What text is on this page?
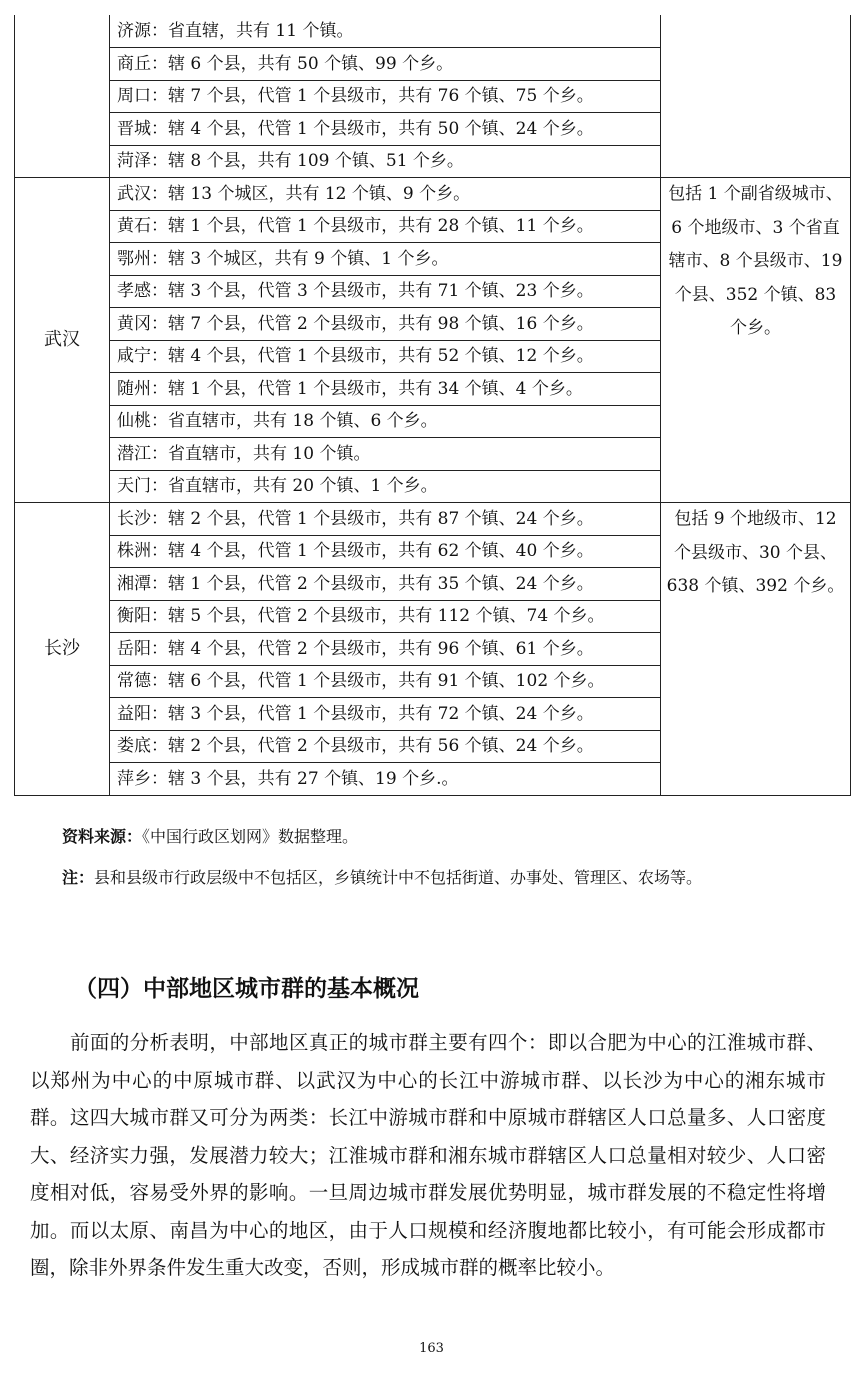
	济源：省直辖，共有 11 个镇。	
	商丘：辖 6 个县，共有 50 个镇、99 个乡。	
	周口：辖 7 个县，代管 1 个县级市，共有 76 个镇、75 个乡。	
	晋城：辖 4 个县，代管 1 个县级市，共有 50 个镇、24 个乡。	
	菏泽：辖 8 个县，共有 109 个镇、51 个乡。	
武汉	武汉：辖 13 个城区，共有 12 个镇、9 个乡。	包括 1 个副省级城市、6 个地级市、3 个省直辖市、8 个县级市、19 个县、352 个镇、83 个乡。
	黄石：辖 1 个县，代管 1 个县级市，共有 28 个镇、11 个乡。	
	鄂州：辖 3 个城区，共有 9 个镇、1 个乡。	
	孝感：辖 3 个县，代管 3 个县级市，共有 71 个镇、23 个乡。	
	黄冈：辖 7 个县，代管 2 个县级市，共有 98 个镇、16 个乡。	
	咸宁：辖 4 个县，代管 1 个县级市，共有 52 个镇、12 个乡。	
	随州：辖 1 个县，代管 1 个县级市，共有 34 个镇、4 个乡。	
	仙桃：省直辖市，共有 18 个镇、6 个乡。	
	潜江：省直辖市，共有 10 个镇。	
	天门：省直辖市，共有 20 个镇、1 个乡。	
长沙	长沙：辖 2 个县，代管 1 个县级市，共有 87 个镇、24 个乡。	包括 9 个地级市、12 个县级市、30 个县、638 个镇、392 个乡。
	株洲：辖 4 个县，代管 1 个县级市，共有 62 个镇、40 个乡。	
	湘潭：辖 1 个县，代管 2 个县级市，共有 35 个镇、24 个乡。	
	衡阳：辖 5 个县，代管 2 个县级市，共有 112 个镇、74 个乡。	
	岳阳：辖 4 个县，代管 2 个县级市，共有 96 个镇、61 个乡。	
	常德：辖 6 个县，代管 1 个县级市，共有 91 个镇、102 个乡。	
	益阳：辖 3 个县，代管 1 个县级市，共有 72 个镇、24 个乡。	
	娄底：辖 2 个县，代管 2 个县级市，共有 56 个镇、24 个乡。	
	萍乡：辖 3 个县，共有 27 个镇、19 个乡.。	
资料来源：《中国行政区划网》数据整理。
注：县和县级市行政层级中不包括区，乡镇统计中不包括街道、办事处、管理区、农场等。
（四）中部地区城市群的基本概况
前面的分析表明，中部地区真正的城市群主要有四个：即以合肥为中心的江淮城市群、以郑州为中心的中原城市群、以武汉为中心的长江中游城市群、以长沙为中心的湘东城市群。这四大城市群又可分为两类：长江中游城市群和中原城市群辖区人口总量多、人口密度大、经济实力强，发展潜力较大；江淮城市群和湘东城市群辖区人口总量相对较少、人口密度相对低，容易受外界的影响。一旦周边城市群发展优势明显，城市群发展的不稳定性将增加。而以太原、南昌为中心的地区，由于人口规模和经济腹地都比较小，有可能会形成都市圈，除非外界条件发生重大改变，否则，形成城市群的概率比较小。
163
